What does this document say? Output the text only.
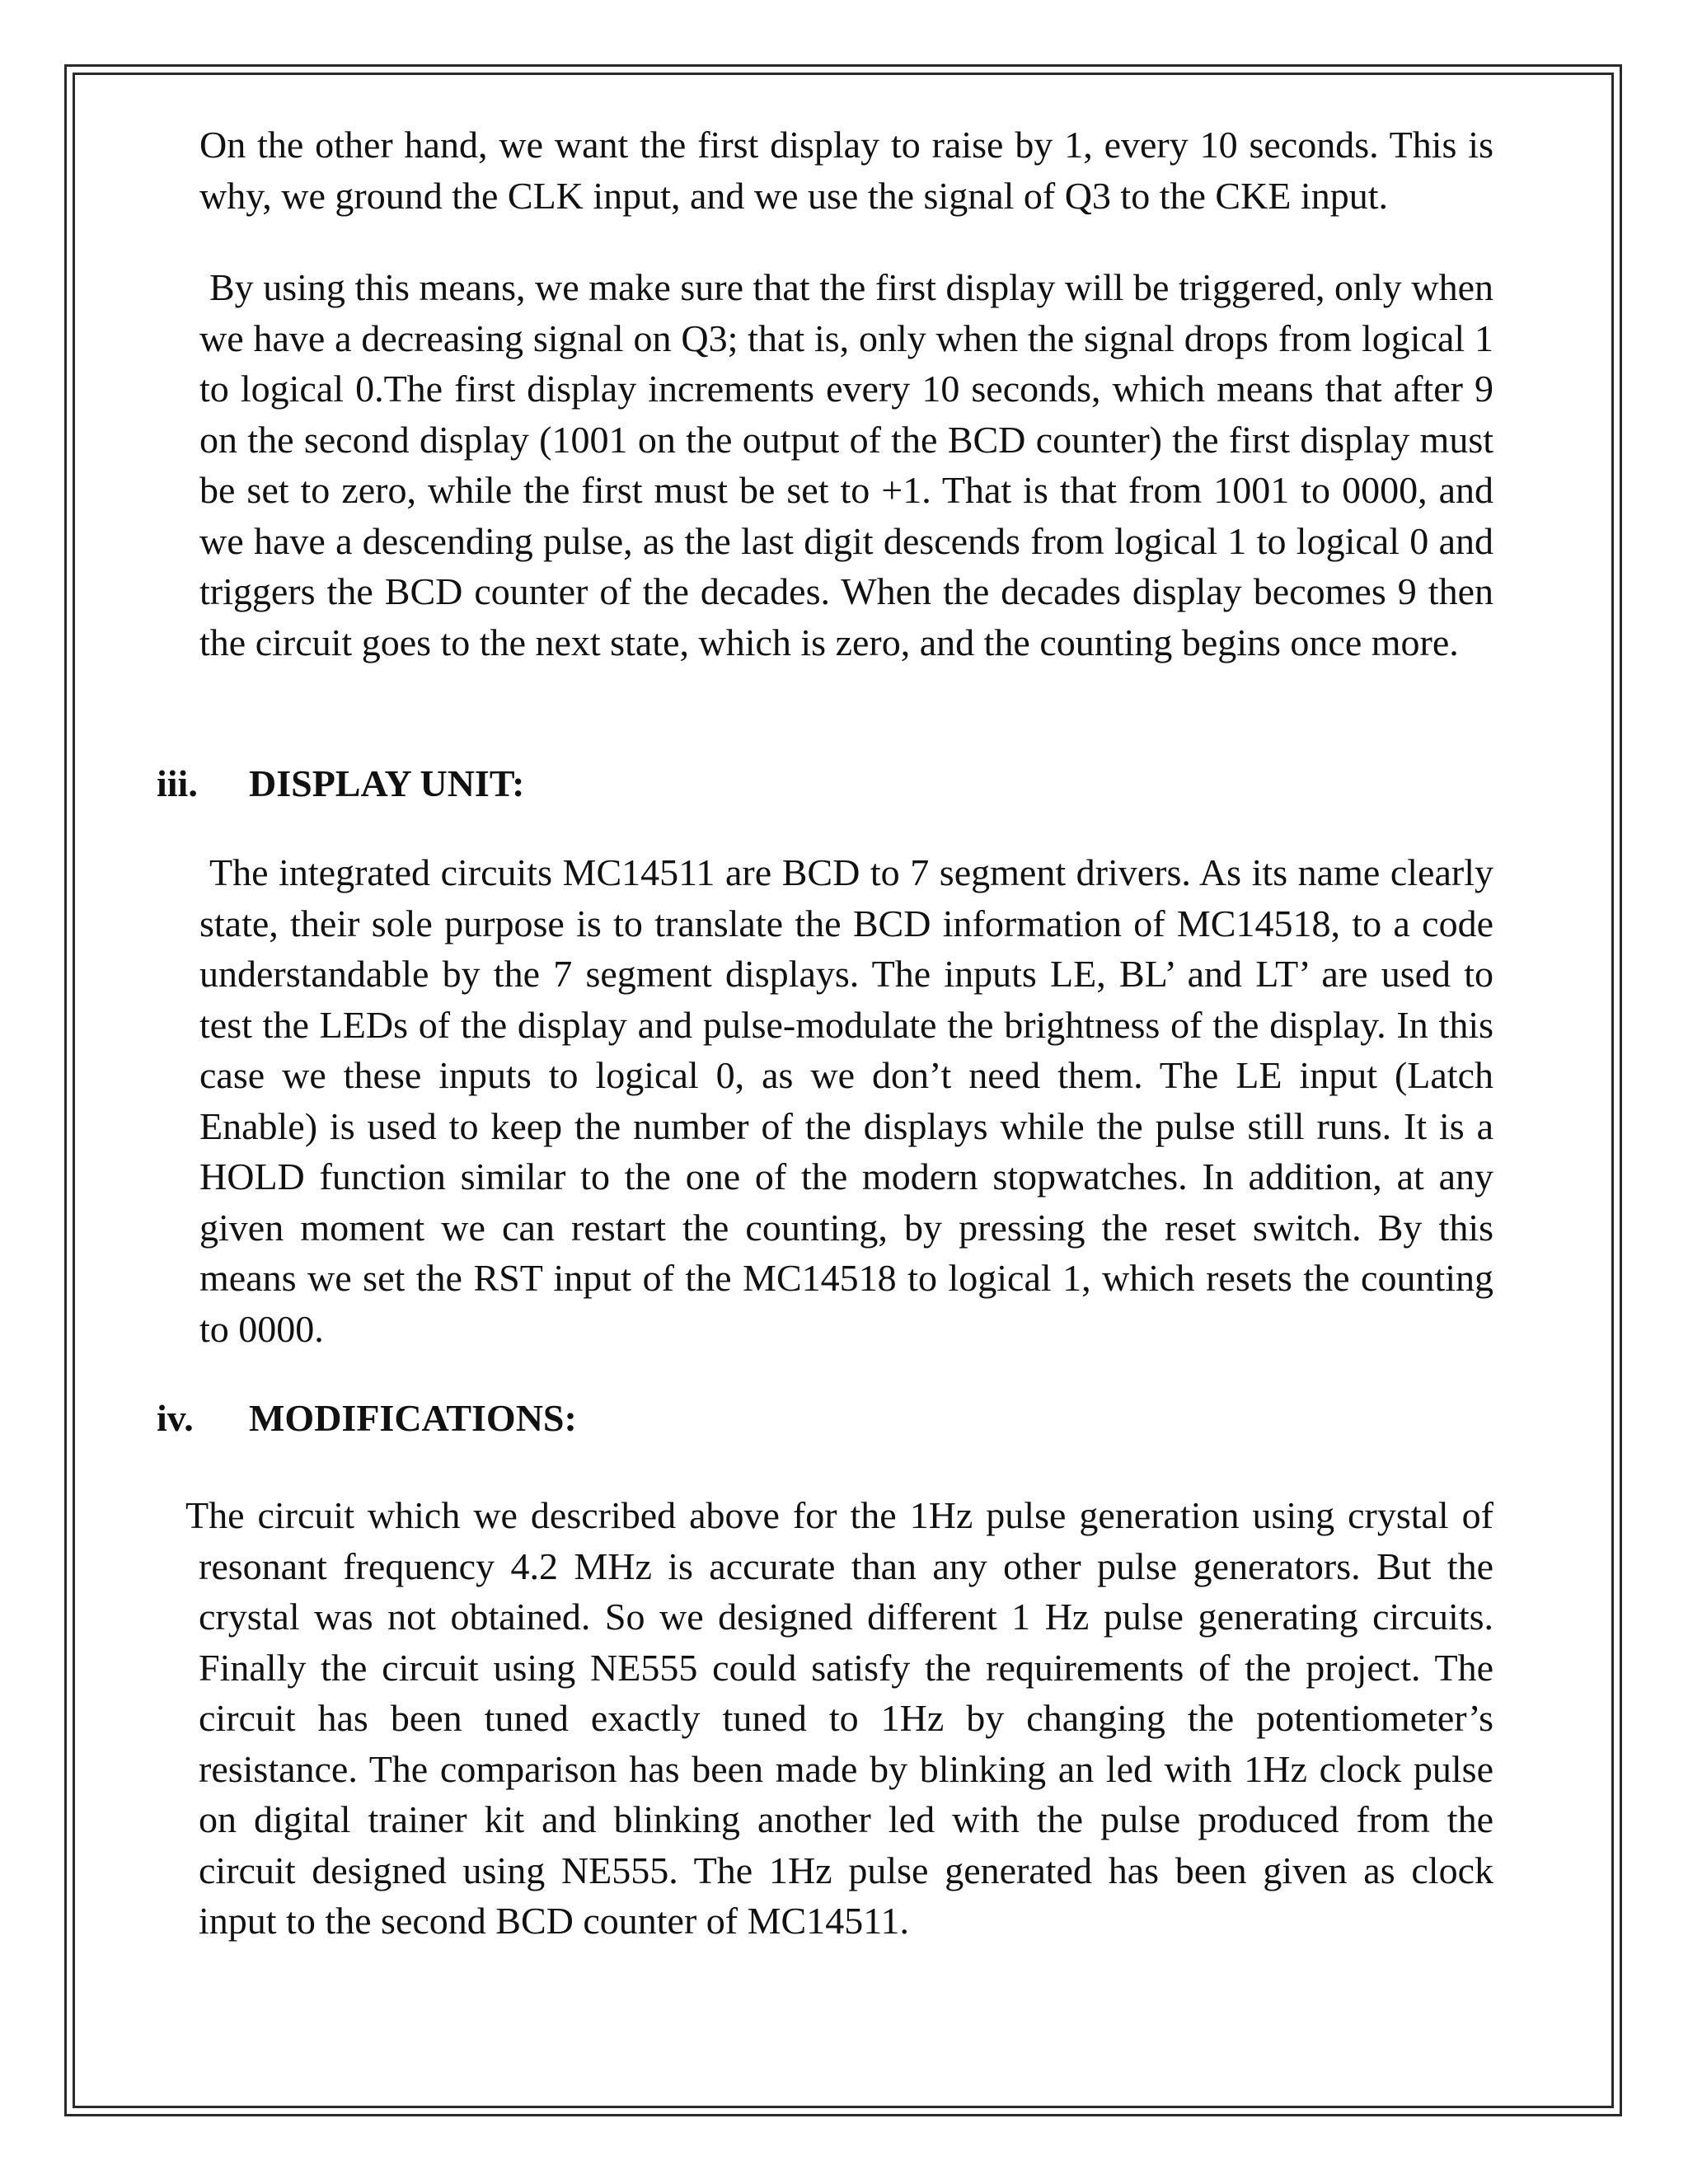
On the other hand, we want the first display to raise by 1, every 10 seconds. This is why, we ground the CLK input, and we use the signal of Q3 to the CKE input.

By using this means, we make sure that the first display will be triggered, only when we have a decreasing signal on Q3; that is, only when the signal drops from logical 1 to logical 0.The first display increments every 10 seconds, which means that after 9 on the second display (1001 on the output of the BCD counter) the first display must be set to zero, while the first must be set to +1. That is that from 1001 to 0000, and we have a descending pulse, as the last digit descends from logical 1 to logical 0 and triggers the BCD counter of the decades. When the decades display becomes 9 then the circuit goes to the next state, which is zero, and the counting begins once more.

iii. DISPLAY UNIT:

The integrated circuits MC14511 are BCD to 7 segment drivers. As its name clearly state, their sole purpose is to translate the BCD information of MC14518, to a code understandable by the 7 segment displays. The inputs LE, BL’ and LT’ are used to test the LEDs of the display and pulse-modulate the brightness of the display. In this case we these inputs to logical 0, as we don’t need them. The LE input (Latch Enable) is used to keep the number of the displays while the pulse still runs. It is a HOLD function similar to the one of the modern stopwatches. In addition, at any given moment we can restart the counting, by pressing the reset switch. By this means we set the RST input of the MC14518 to logical 1, which resets the counting to 0000.

iv. MODIFICATIONS:

The circuit which we described above for the 1Hz pulse generation using crystal of resonant frequency 4.2 MHz is accurate than any other pulse generators. But the crystal was not obtained. So we designed different 1 Hz pulse generating circuits. Finally the circuit using NE555 could satisfy the requirements of the project. The circuit has been tuned exactly tuned to 1Hz by changing the potentiometer’s resistance. The comparison has been made by blinking an led with 1Hz clock pulse on digital trainer kit and blinking another led with the pulse produced from the circuit designed using NE555. The 1Hz pulse generated has been given as clock input to the second BCD counter of MC14511.
